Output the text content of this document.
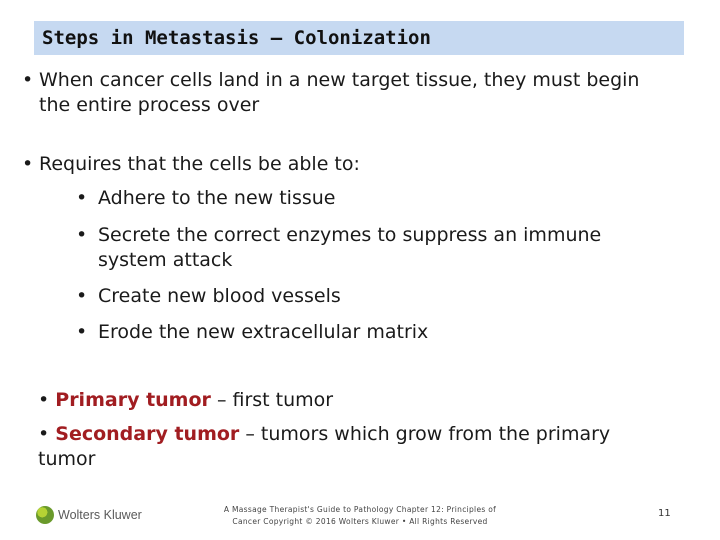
Steps in Metastasis – Colonization
• When cancer cells land in a new target tissue, they must begin the entire process over
• Requires that the cells be able to:
• Adhere to the new tissue
• Secrete the correct enzymes to suppress an immune system attack
• Create new blood vessels
• Erode the new extracellular matrix
• Primary tumor – first tumor
• Secondary tumor – tumors which grow from the primary tumor
Wolters Kluwer	A Massage Therapist's Guide to Pathology Chapter 12: Principles of Cancer Copyright © 2016 Wolters Kluwer • All Rights Reserved
11
